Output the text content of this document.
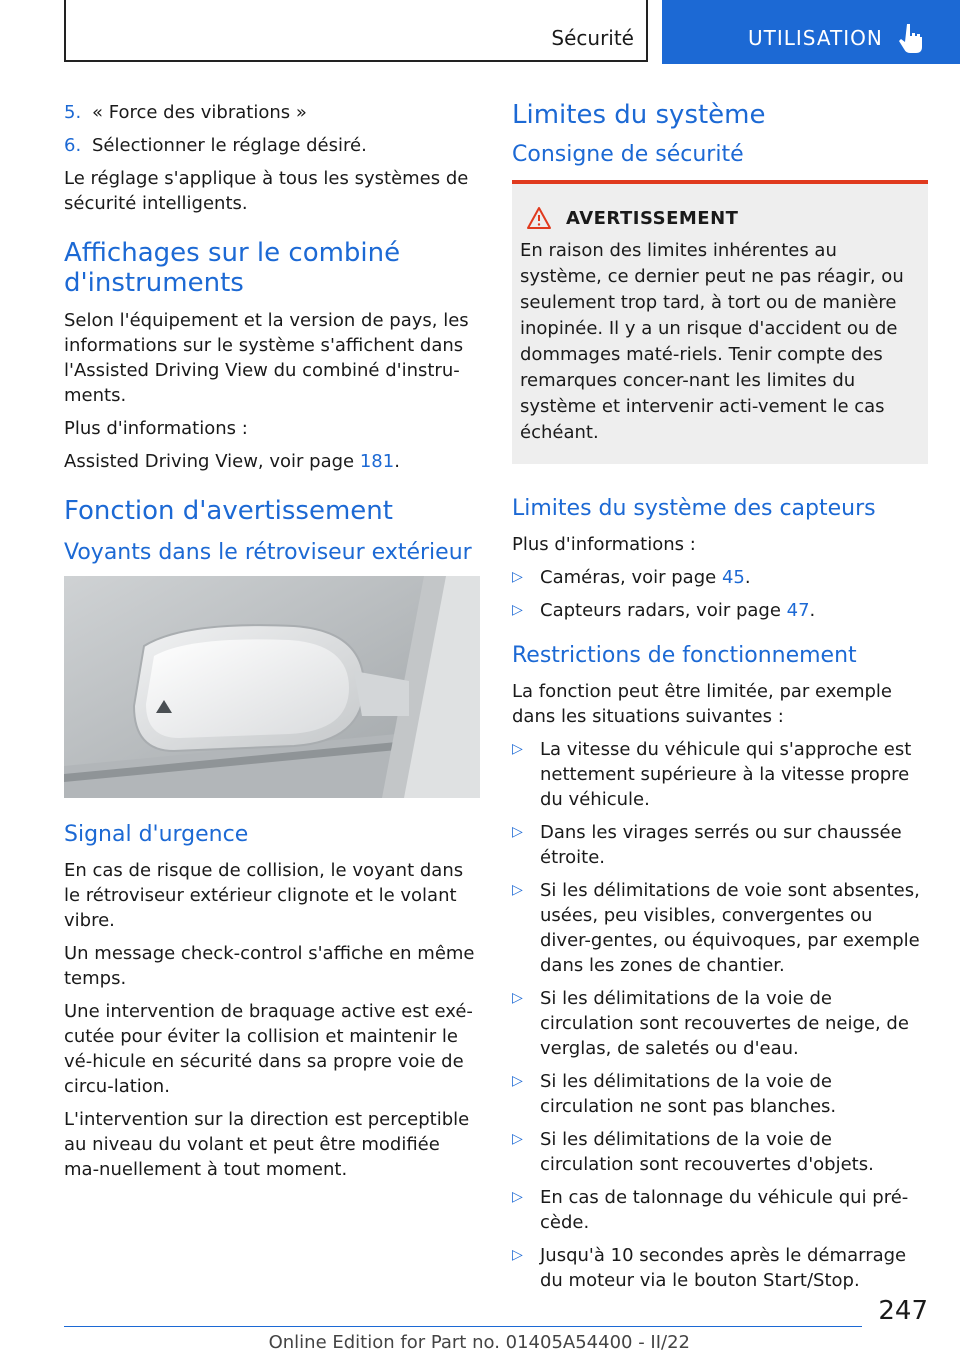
Sécurité	UTILISATION
5. « Force des vibrations »
6. Sélectionner le réglage désiré.

Le réglage s'applique à tous les systèmes de sécurité intelligents.

Affichages sur le combiné d'instruments

Selon l'équipement et la version de pays, les informations sur le système s'affichent dans l'Assisted Driving View du combiné d'instru-ments.

Plus d'informations :

Assisted Driving View, voir page 181.

Fonction d'avertissement
Voyants dans le rétroviseur extérieur
Signal d'urgence

En cas de risque de collision, le voyant dans le rétroviseur extérieur clignote et le volant vibre.

Un message check-control s'affiche en même temps.

Une intervention de braquage active est exé-cutée pour éviter la collision et maintenir le vé-hicule en sécurité dans sa propre voie de circu-lation.

L'intervention sur la direction est perceptible au niveau du volant et peut être modifiée ma-nuellement à tout moment.

Limites du système
Consigne de sécurité
AVERTISSEMENT

En raison des limites inhérentes au système, ce dernier peut ne pas réagir, ou seulement trop tard, à tort ou de manière inopinée. Il y a un risque d'accident ou de dommages maté-riels. Tenir compte des remarques concer-nant les limites du système et intervenir acti-vement le cas échéant.

Limites du système des capteurs

Plus d'informations :

▷ Caméras, voir page 45.
▷ Capteurs radars, voir page 47.
Restrictions de fonctionnement

La fonction peut être limitée, par exemple dans les situations suivantes :

▷ La vitesse du véhicule qui s'approche est nettement supérieure à la vitesse propre du véhicule.
▷ Dans les virages serrés ou sur chaussée étroite.
▷ Si les délimitations de voie sont absentes, usées, peu visibles, convergentes ou diver-gentes, ou équivoques, par exemple dans les zones de chantier.
▷ Si les délimitations de la voie de circulation sont recouvertes de neige, de verglas, de saletés ou d'eau.
▷ Si les délimitations de la voie de circulation ne sont pas blanches.
▷ Si les délimitations de la voie de circulation sont recouvertes d'objets.
▷ En cas de talonnage du véhicule qui pré-cède.
▷ Jusqu'à 10 secondes après le démarrage du moteur via le bouton Start/Stop.
247
Online Edition for Part no. 01405A54400 - II/22
